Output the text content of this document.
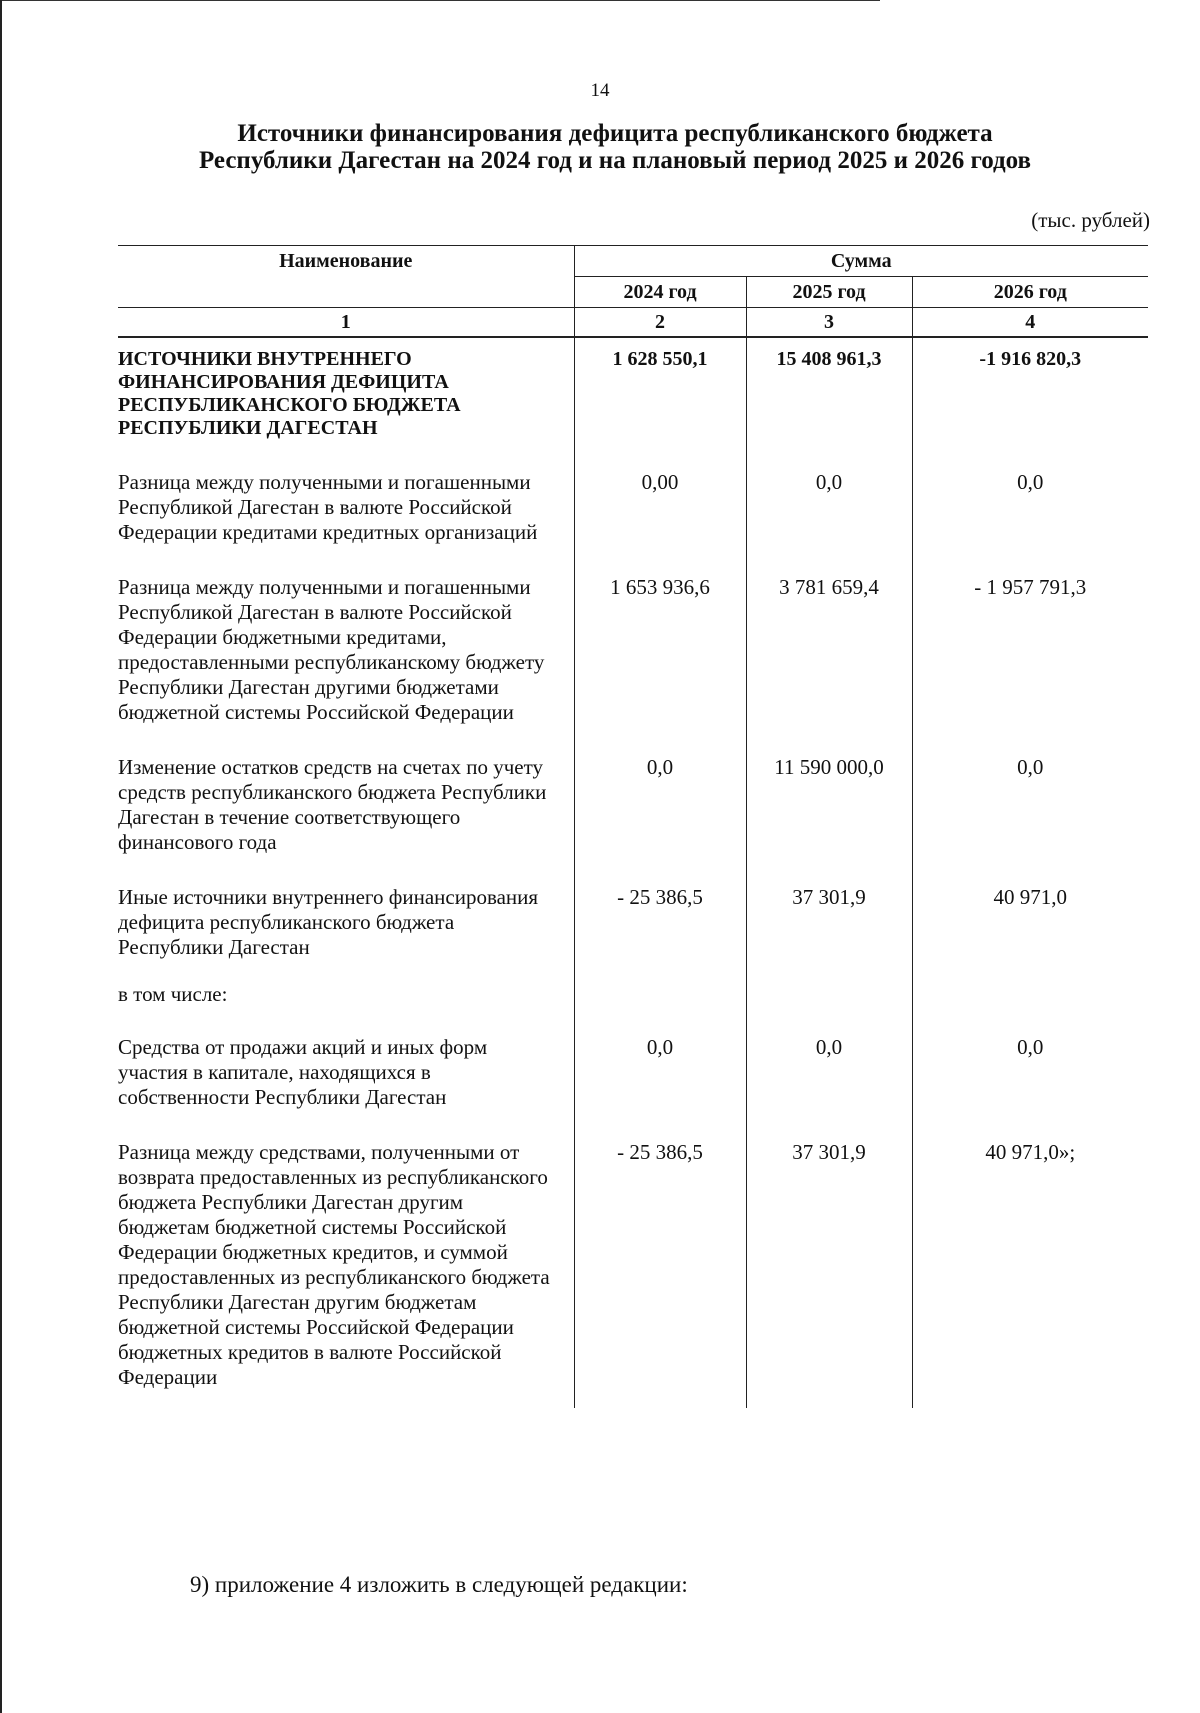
14
Источники финансирования дефицита республиканского бюджета
Республики Дагестан на 2024 год и на плановый период 2025 и 2026 годов
(тыс. рублей)
Наименование	Сумма		
	2024 год	2025 год	2026 год
1	2	3	4
ИСТОЧНИКИ ВНУТРЕННЕГО ФИНАНСИРОВАНИЯ ДЕФИЦИТА РЕСПУБЛИКАНСКОГО БЮДЖЕТА РЕСПУБЛИКИ ДАГЕСТАН	1 628 550,1	15 408 961,3	-1 916 820,3
Разница между полученными и погашенными Республикой Дагестан в валюте Российской Федерации кредитами кредитных организаций	0,00	0,0	0,0
Разница между полученными и погашенными Республикой Дагестан в валюте Российской Федерации бюджетными кредитами, предоставленными республиканскому бюджету Республики Дагестан другими бюджетами бюджетной системы Российской Федерации	1 653 936,6	3 781 659,4	- 1 957 791,3
Изменение остатков средств на счетах по учету средств республиканского бюджета Республики Дагестан в течение соответствующего финансового года	0,0	11 590 000,0	0,0
Иные источники внутреннего финансирования дефицита республиканского бюджета Республики Дагестан	- 25 386,5	37 301,9	40 971,0
в том числе:			
Средства от продажи акций и иных форм участия в капитале, находящихся в собственности Республики Дагестан	0,0	0,0	0,0
Разница между средствами, полученными от возврата предоставленных из республиканского бюджета Республики Дагестан другим бюджетам бюджетной системы Российской Федерации бюджетных кредитов, и суммой предоставленных из республиканского бюджета Республики Дагестан другим бюджетам бюджетной системы Российской Федерации бюджетных кредитов в валюте Российской Федерации	- 25 386,5	37 301,9	40 971,0»;
9) приложение 4 изложить в следующей редакции:
